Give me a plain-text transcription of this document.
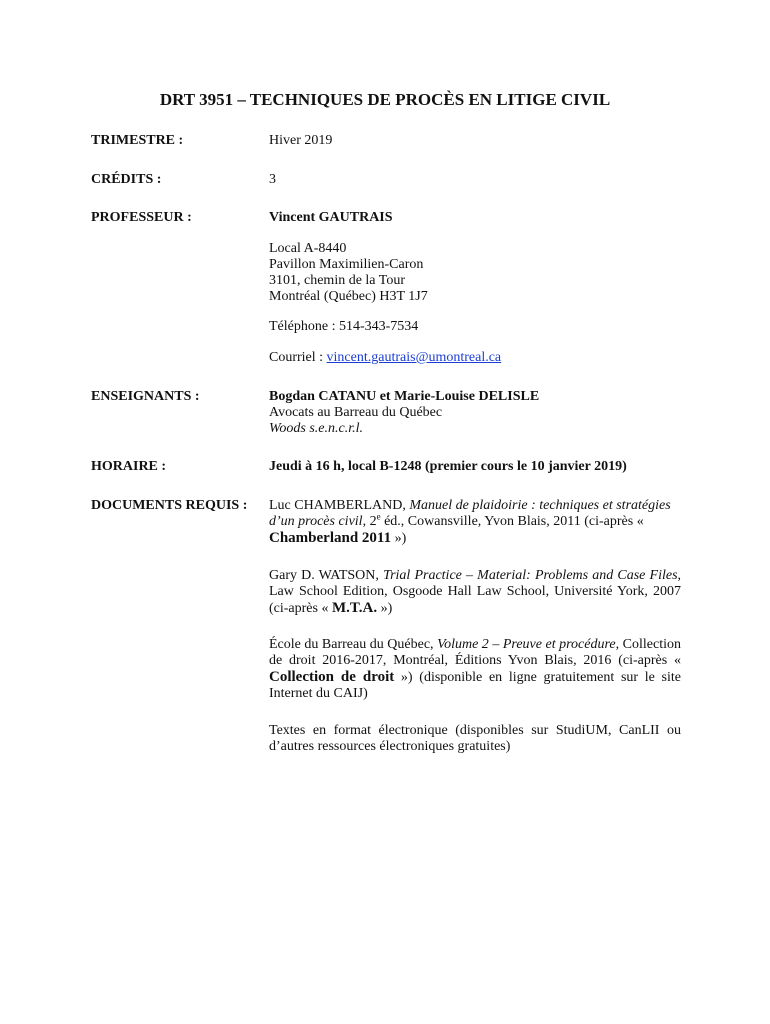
DRT 3951 – TECHNIQUES DE PROCÈS EN LITIGE CIVIL
TRIMESTRE :	Hiver 2019
CRÉDITS :	3
PROFESSEUR :	Vincent GAUTRAIS
Local A-8440
Pavillon Maximilien-Caron
3101, chemin de la Tour
Montréal (Québec) H3T 1J7
Téléphone : 514-343-7534
Courriel : vincent.gautrais@umontreal.ca
ENSEIGNANTS :	Bogdan CATANU et Marie-Louise DELISLE
Avocats au Barreau du Québec
Woods s.e.n.c.r.l.
HORAIRE :	Jeudi à 16 h, local B-1248 (premier cours le 10 janvier 2019)
DOCUMENTS REQUIS : Luc CHAMBERLAND, Manuel de plaidoirie : techniques et stratégies d’un procès civil, 2e éd., Cowansville, Yvon Blais, 2011 (ci-après « Chamberland 2011 »)
Gary D. WATSON, Trial Practice – Material: Problems and Case Files, Law School Edition, Osgoode Hall Law School, Université York, 2007 (ci-après « M.T.A. »)
École du Barreau du Québec, Volume 2 – Preuve et procédure, Collection de droit 2016-2017, Montréal, Éditions Yvon Blais, 2016 (ci-après « Collection de droit ») (disponible en ligne gratuitement sur le site Internet du CAIJ)
Textes en format électronique (disponibles sur StudiUM, CanLII ou d’autres ressources électroniques gratuites)
